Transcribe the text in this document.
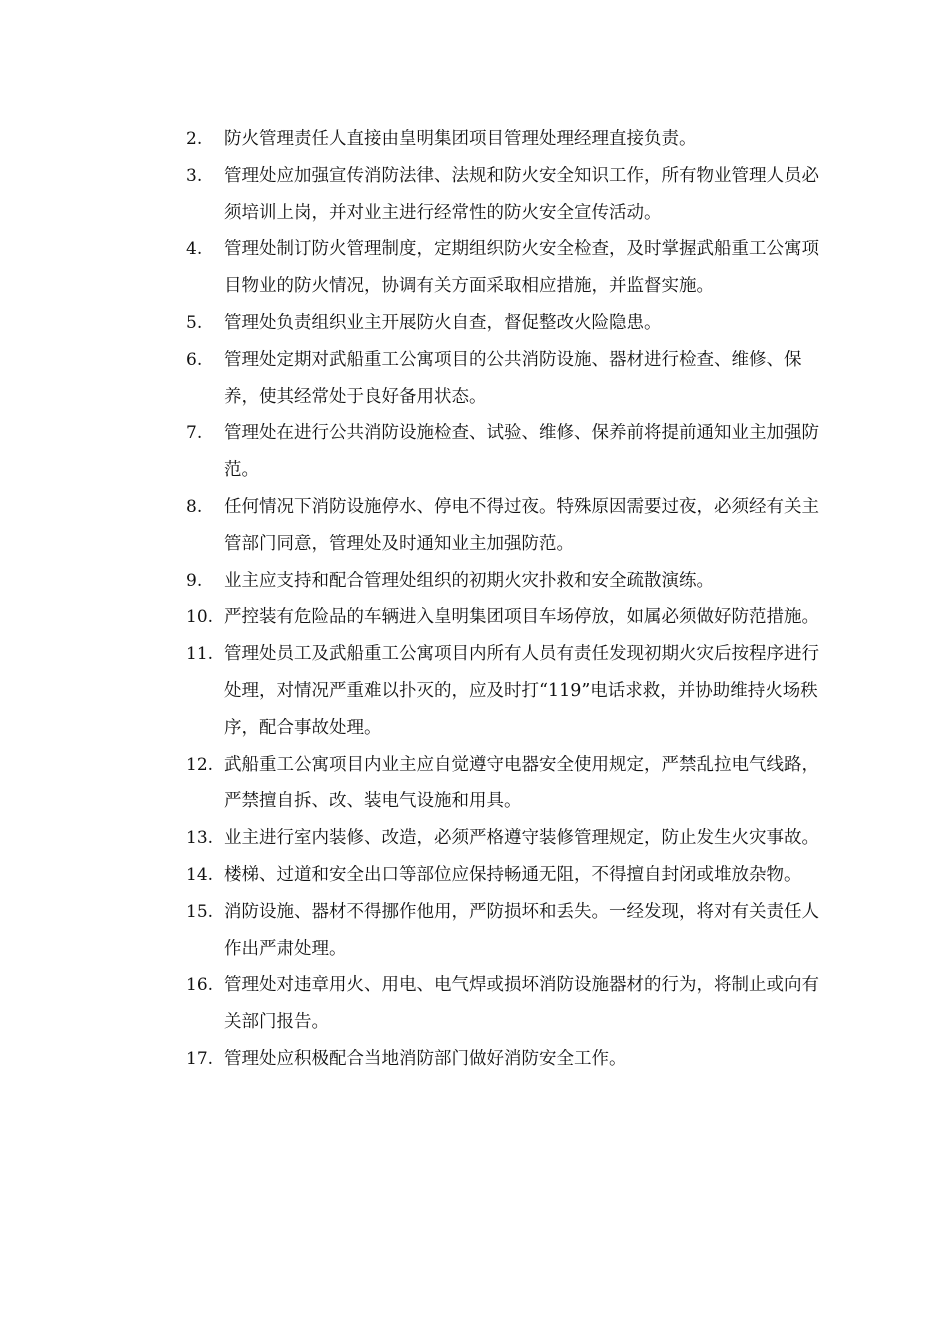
2.	防火管理责任人直接由皇明集团项目管理处理经理直接负责。
3.	管理处应加强宣传消防法律、法规和防火安全知识工作，所有物业管理人员必须培训上岗，并对业主进行经常性的防火安全宣传活动。
4.	管理处制订防火管理制度，定期组织防火安全检查，及时掌握武船重工公寓项目物业的防火情况，协调有关方面采取相应措施，并监督实施。
5.	管理处负责组织业主开展防火自查，督促整改火险隐患。
6.	管理处定期对武船重工公寓项目的公共消防设施、器材进行检查、维修、保养，使其经常处于良好备用状态。
7.	管理处在进行公共消防设施检查、试验、维修、保养前将提前通知业主加强防范。
8.	任何情况下消防设施停水、停电不得过夜。特殊原因需要过夜，必须经有关主管部门同意，管理处及时通知业主加强防范。
9.	业主应支持和配合管理处组织的初期火灾扑救和安全疏散演练。
10. 严控装有危险品的车辆进入皇明集团项目车场停放，如属必须做好防范措施。
11. 管理处员工及武船重工公寓项目内所有人员有责任发现初期火灾后按程序进行处理，对情况严重难以扑灭的，应及时打“119”电话求救，并协助维持火场秩序，配合事故处理。
12. 武船重工公寓项目内业主应自觉遵守电器安全使用规定，严禁乱拉电气线路，严禁擅自拆、改、装电气设施和用具。
13. 业主进行室内装修、改造，必须严格遵守装修管理规定，防止发生火灾事故。
14. 楼梯、过道和安全出口等部位应保持畅通无阻，不得擅自封闭或堆放杂物。
15. 消防设施、器材不得挪作他用，严防损坏和丢失。一经发现，将对有关责任人作出严肃处理。
16. 管理处对违章用火、用电、电气焊或损坏消防设施器材的行为，将制止或向有关部门报告。
17. 管理处应积极配合当地消防部门做好消防安全工作。
